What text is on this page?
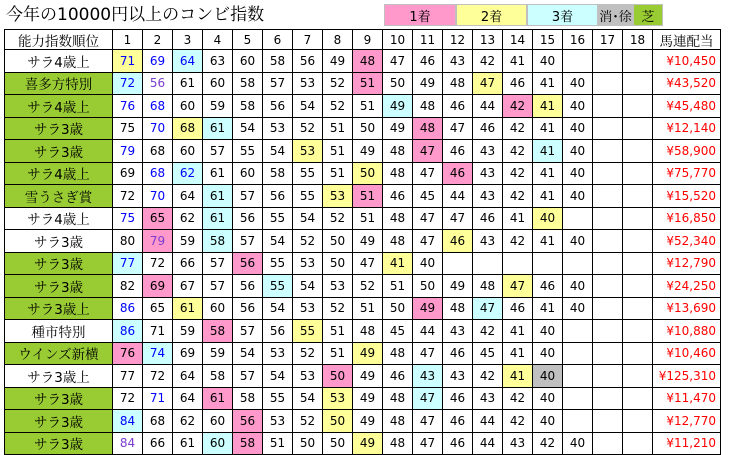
今年の10000円以上のコンビ指数	1着	2着	3着	消･徐 芝
能力指数順位	1	2	3	4	5	6	7	8	9	10	11	12	13	14	15	16	17	18	馬連配当
サラ4歳上	71	69	64	63	60	58	56	49	48	47	46	43	42	41	40	¥10,450
喜多方特別	72	56	61	60	58	57	53	52	51	50	49	48	47	46	41	40	¥43,520
サラ4歳上	76	68	60	59	58	56	54	52	51	49	48	46	44	42	41	40	¥45,480
サラ3歳	75	70	68	61	54	53	52	51	50	49	48	47	46	42	41	40	¥12,140
サラ3歳	79	68	60	57	55	54	53	51	49	48	47	46	43	42	41	40	¥58,900
サラ4歳上	69	68	62	61	60	58	55	51	50	48	47	46	43	42	41	40	¥75,770
雪うさぎ賞	72	70	64	61	57	56	55	53	51	46	45	44	43	42	41	40	¥15,520
サラ4歳上	75	65	62	61	56	55	54	52	51	48	47	47	46	41	40	¥16,850
サラ3歳	80	79	59	58	57	54	52	50	49	48	47	46	43	42	41	40	¥52,340
サラ3歳	77	72	66	57	56	55	53	50	47	41	40	¥12,790
サラ3歳	82	69	67	57	56	55	54	53	52	51	50	49	48	47	46	40	¥24,250
サラ3歳上	86	65	61	60	56	54	53	52	51	50	49	48	47	46	41	40	¥13,690
種市特別	86	71	59	58	57	56	55	51	48	45	44	43	42	41	40	¥10,880
ウインズ新横	76	74	69	59	54	53	52	51	49	48	47	46	45	41	40	¥10,460
サラ3歳上	77	72	64	58	57	54	53	50	49	46	43	43	42	41	40	¥125,310
サラ3歳	72	71	64	61	58	55	54	53	49	48	47	46	43	42	40	¥11,470
サラ3歳	84	68	62	60	56	53	52	50	49	48	47	46	44	42	40	¥12,770
サラ3歳	84	66	61	60	58	51	50	50	49	48	47	46	44	43	42	40	¥11,210
